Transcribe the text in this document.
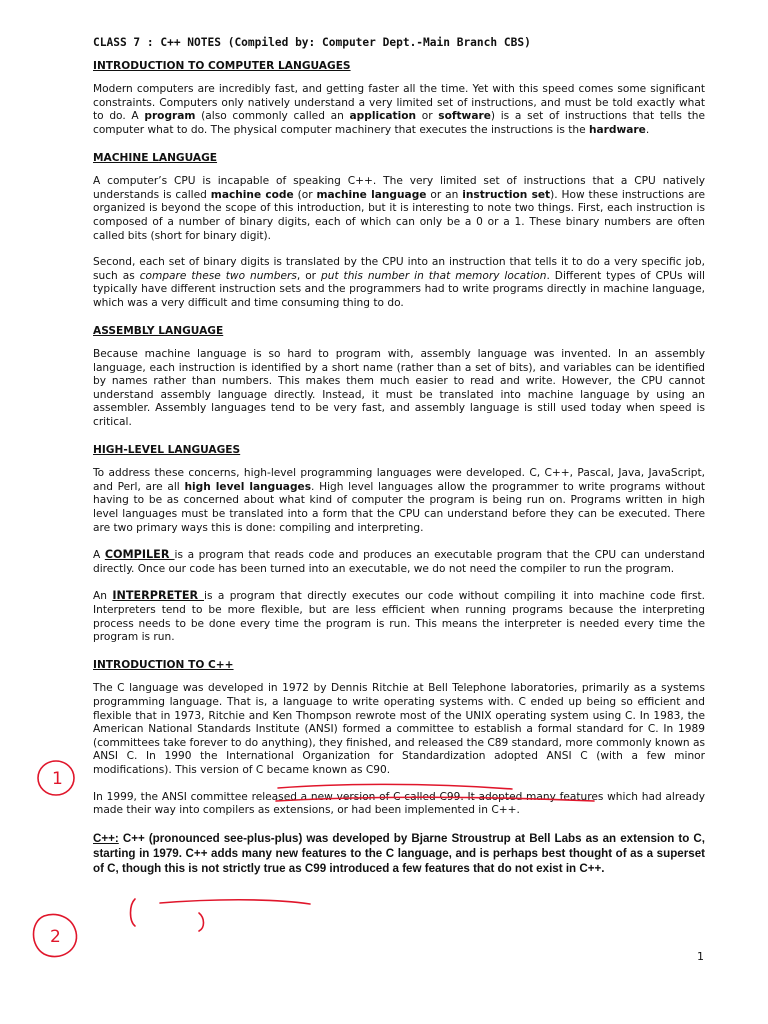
CLASS 7 : C++ NOTES (Compiled by: Computer Dept.-Main Branch CBS)
INTRODUCTION TO COMPUTER LANGUAGES

Modern computers are incredibly fast, and getting faster all the time. Yet with this speed comes some significant constraints. Computers only natively understand a very limited set of instructions, and must be told exactly what to do. A program (also commonly called an application or software) is a set of instructions that tells the computer what to do. The physical computer machinery that executes the instructions is the hardware.

MACHINE LANGUAGE

A computer’s CPU is incapable of speaking C++. The very limited set of instructions that a CPU natively understands is called machine code (or machine language or an instruction set). How these instructions are organized is beyond the scope of this introduction, but it is interesting to note two things. First, each instruction is composed of a number of binary digits, each of which can only be a 0 or a 1. These binary numbers are often called bits (short for binary digit).

Second, each set of binary digits is translated by the CPU into an instruction that tells it to do a very specific job, such as compare these two numbers, or put this number in that memory location. Different types of CPUs will typically have different instruction sets and the programmers had to write programs directly in machine language, which was a very difficult and time consuming thing to do.

ASSEMBLY LANGUAGE

Because machine language is so hard to program with, assembly language was invented. In an assembly language, each instruction is identified by a short name (rather than a set of bits), and variables can be identified by names rather than numbers. This makes them much easier to read and write. However, the CPU cannot understand assembly language directly. Instead, it must be translated into machine language by using an assembler. Assembly languages tend to be very fast, and assembly language is still used today when speed is critical.

HIGH-LEVEL LANGUAGES

To address these concerns, high-level programming languages were developed. C, C++, Pascal, Java, JavaScript, and Perl, are all high level languages. High level languages allow the programmer to write programs without having to be as concerned about what kind of computer the program is being run on. Programs written in high level languages must be translated into a form that the CPU can understand before they can be executed. There are two primary ways this is done: compiling and interpreting.

A COMPILER is a program that reads code and produces an executable program that the CPU can understand directly. Once our code has been turned into an executable, we do not need the compiler to run the program.

An INTERPRETER is a program that directly executes our code without compiling it into machine code first. Interpreters tend to be more flexible, but are less efficient when running programs because the interpreting process needs to be done every time the program is run. This means the interpreter is needed every time the program is run.

INTRODUCTION TO C++

The C language was developed in 1972 by Dennis Ritchie at Bell Telephone laboratories, primarily as a systems programming language. That is, a language to write operating systems with. C ended up being so efficient and flexible that in 1973, Ritchie and Ken Thompson rewrote most of the UNIX operating system using C. In 1983, the American National Standards Institute (ANSI) formed a committee to establish a formal standard for C. In 1989 (committees take forever to do anything), they finished, and released the C89 standard, more commonly known as ANSI C. In 1990 the International Organization for Standardization adopted ANSI C (with a few minor modifications). This version of C became known as C90.

In 1999, the ANSI committee released a new version of C called C99. It adopted many features which had already made their way into compilers as extensions, or had been implemented in C++.

C++: C++ (pronounced see-plus-plus) was developed by Bjarne Stroustrup at Bell Labs as an extension to C, starting in 1979. C++ adds many new features to the C language, and is perhaps best thought of as a superset of C, though this is not strictly true as C99 introduced a few features that do not exist in C++.

1
1
2
